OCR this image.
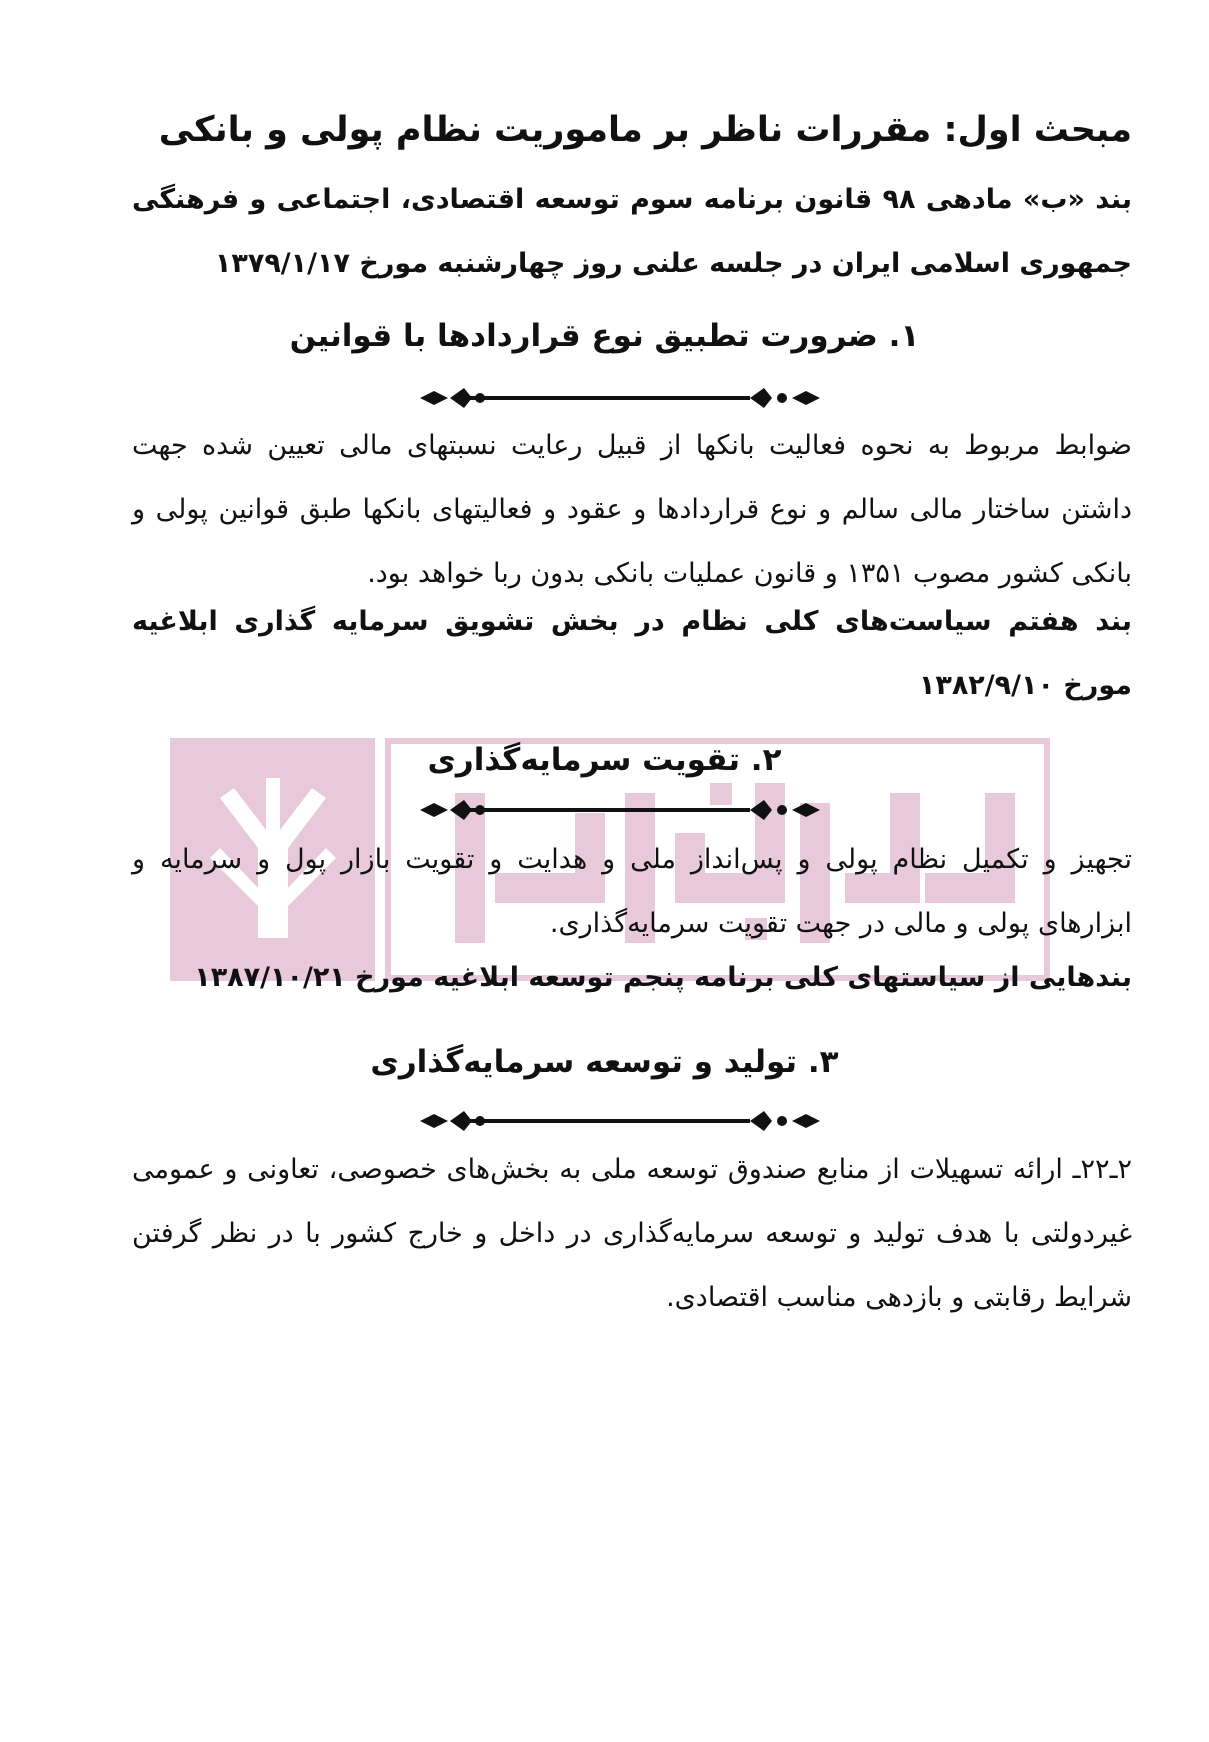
مبحث اول: مقررات ناظر بر ماموریت نظام پولی و بانکی
بند «ب» مادهی ۹۸ قانون برنامه سوم توسعه اقتصادی، اجتماعی و فرهنگی جمهوری اسلامی ایران در جلسه علنی روز چهارشنبه مورخ ۱۳۷۹/۱/۱۷
۱. ضرورت تطبیق نوع قراردادها با قوانین
ضوابط مربوط به نحوه فعالیت بانکها از قبیل رعایت نسبتهای مالی تعیین شده جهت داشتن ساختار مالی سالم و نوع قراردادها و عقود و فعالیتهای بانکها طبق قوانین پولی و بانکی کشور مصوب ۱۳۵۱ و قانون عملیات بانکی بدون ربا خواهد بود.
بند هفتم سیاست‌های کلی نظام در بخش تشویق سرمایه گذاری ابلاغیه مورخ ۱۳۸۲/۹/۱۰
۲. تقویت سرمایه‌گذاری
تجهیز و تکمیل نظام پولی و پس‌انداز ملی و هدایت و تقویت بازار پول و سرمایه و ابزارهای پولی و مالی در جهت تقویت سرمایه‌گذاری.
بندهایی از سیاستهای کلی برنامه پنجم توسعه ابلاغیه مورخ ۱۳۸۷/۱۰/۲۱
۳. تولید و توسعه سرمایه‌گذاری
۲ـ۲۲ـ ارائه تسهیلات از منابع صندوق توسعه ملی به بخش‌های خصوصی، تعاونی و عمومی غیردولتی با هدف تولید و توسعه سرمایه‌گذاری در داخل و خارج کشور با در نظر گرفتن شرایط رقابتی و بازدهی مناسب اقتصادی.
